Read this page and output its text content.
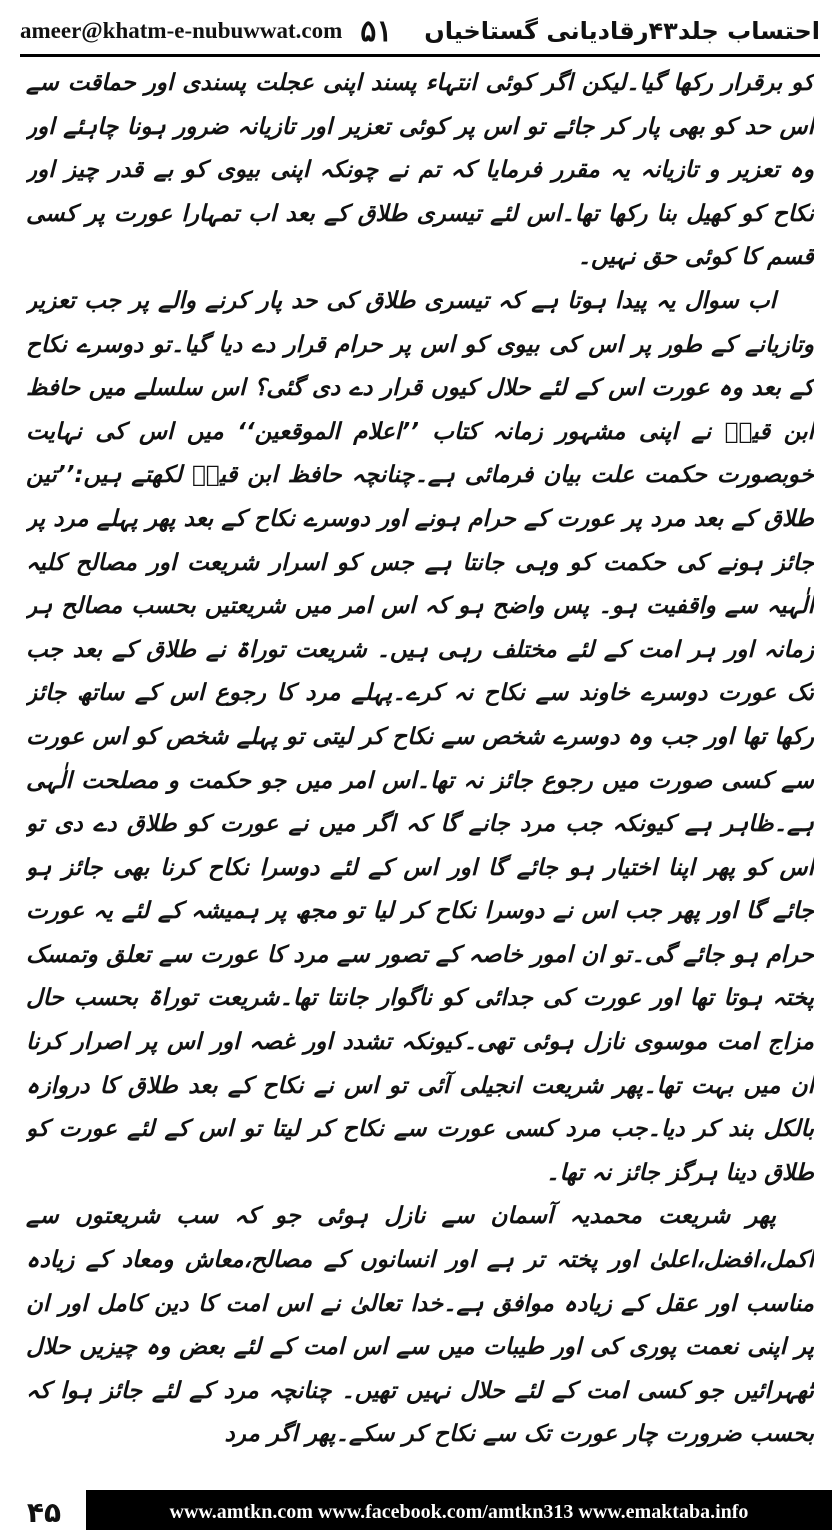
ameer@khatm-e-nubuwwat.com ۵۱ احتساب جلد۴۳رقادیانی گستاخیاں

کو برقرار رکھا گیا۔لیکن اگر کوئی انتہاء پسند اپنی عجلت پسندی اور حماقت سے اس حد کو بھی پار کر جائے تو اس پر کوئی تعزیر اور تازیانہ ضرور ہونا چاہئے اور وہ تعزیر و تازیانہ یہ مقرر فرمایا کہ تم نے چونکہ اپنی بیوی کو بے قدر چیز اور نکاح کو کھیل بنا رکھا تھا۔اس لئے تیسری طلاق کے بعد اب تمہارا عورت پر کسی قسم کا کوئی حق نہیں۔

اب سوال یہ پیدا ہوتا ہے کہ تیسری طلاق کی حد پار کرنے والے پر جب تعزیر وتازیانے کے طور پر اس کی بیوی کو اس پر حرام قرار دے دیا گیا۔تو دوسرے نکاح کے بعد وہ عورت اس کے لئے حلال کیوں قرار دے دی گئی؟ اس سلسلے میں حافظ ابن قیمؒ نے اپنی مشہور زمانہ کتاب ’’اعلام الموقعین‘‘ میں اس کی نہایت خوبصورت حکمت علت بیان فرمائی ہے۔چنانچہ حافظ ابن قیمؒ لکھتے ہیں:’’تین طلاق کے بعد مرد پر عورت کے حرام ہونے اور دوسرے نکاح کے بعد پھر پہلے مرد پر جائز ہونے کی حکمت کو وہی جانتا ہے جس کو اسرار شریعت اور مصالح کلیہ الٰہیہ سے واقفیت ہو۔ پس واضح ہو کہ اس امر میں شریعتیں بحسب مصالح ہر زمانہ اور ہر امت کے لئے مختلف رہی ہیں۔ شریعت توراۃ نے طلاق کے بعد جب تک عورت دوسرے خاوند سے نکاح نہ کرے۔پہلے مرد کا رجوع اس کے ساتھ جائز رکھا تھا اور جب وہ دوسرے شخص سے نکاح کر لیتی تو پہلے شخص کو اس عورت سے کسی صورت میں رجوع جائز نہ تھا۔اس امر میں جو حکمت و مصلحت الٰہی ہے۔ظاہر ہے کیونکہ جب مرد جانے گا کہ اگر میں نے عورت کو طلاق دے دی تو اس کو پھر اپنا اختیار ہو جائے گا اور اس کے لئے دوسرا نکاح کرنا بھی جائز ہو جائے گا اور پھر جب اس نے دوسرا نکاح کر لیا تو مجھ پر ہمیشہ کے لئے یہ عورت حرام ہو جائے گی۔تو ان امور خاصہ کے تصور سے مرد کا عورت سے تعلق وتمسک پختہ ہوتا تھا اور عورت کی جدائی کو ناگوار جانتا تھا۔شریعت توراۃ بحسب حال مزاج امت موسوی نازل ہوئی تھی۔کیونکہ تشدد اور غصہ اور اس پر اصرار کرنا ان میں بہت تھا۔پھر شریعت انجیلی آئی تو اس نے نکاح کے بعد طلاق کا دروازہ بالکل بند کر دیا۔جب مرد کسی عورت سے نکاح کر لیتا تو اس کے لئے عورت کو طلاق دینا ہرگز جائز نہ تھا۔

پھر شریعت محمدیہ آسمان سے نازل ہوئی جو کہ سب شریعتوں سے اکمل،افضل،اعلیٰ اور پختہ تر ہے اور انسانوں کے مصالح،معاش ومعاد کے زیادہ مناسب اور عقل کے زیادہ موافق ہے۔خدا تعالیٰ نے اس امت کا دین کامل اور ان پر اپنی نعمت پوری کی اور طیبات میں سے اس امت کے لئے بعض وہ چیزیں حلال ٹھہرائیں جو کسی امت کے لئے حلال نہیں تھیں۔ چنانچہ مرد کے لئے جائز ہوا کہ بحسب ضرورت چار عورت تک سے نکاح کر سکے۔پھر اگر مرد

۴۵	www.amtkn.com www.facebook.com/amtkn313 www.emaktaba.info
